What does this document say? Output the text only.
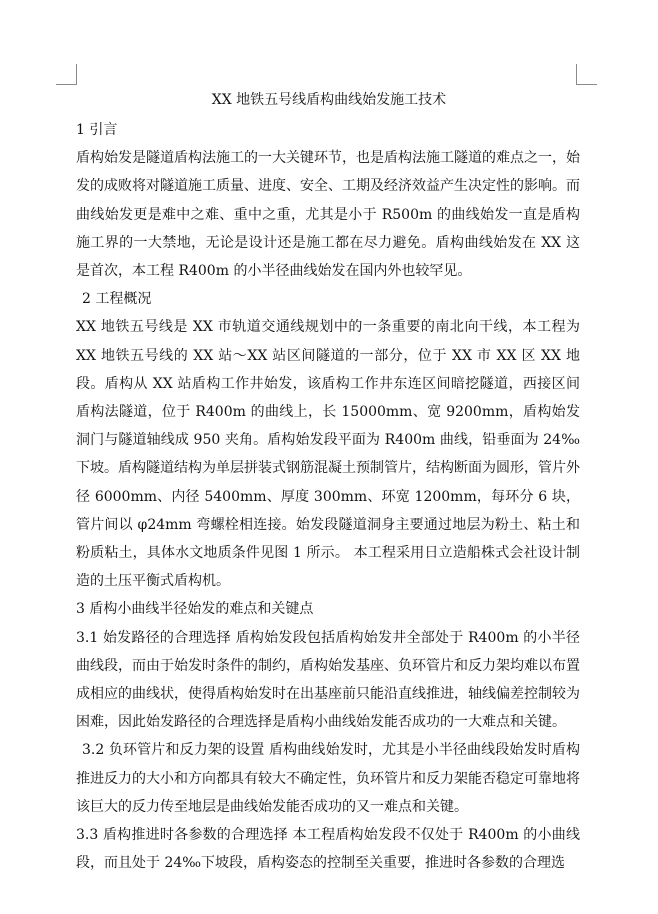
XX 地铁五号线盾构曲线始发施工技术
1 引言

盾构始发是隧道盾构法施工的一大关键环节，也是盾构法施工隧道的难点之一，始发的成败将对隧道施工质量、进度、安全、工期及经济效益产生决定性的影响。而曲线始发更是难中之难、重中之重，尤其是小于 R500m 的曲线始发一直是盾构施工界的一大禁地，无论是设计还是施工都在尽力避免。盾构曲线始发在 XX 这是首次，本工程 R400m 的小半径曲线始发在国内外也较罕见。

2 工程概况

XX 地铁五号线是 XX 市轨道交通线规划中的一条重要的南北向干线，本工程为 XX 地铁五号线的 XX 站～XX 站区间隧道的一部分，位于 XX 市 XX 区 XX 地段。盾构从 XX 站盾构工作井始发，该盾构工作井东连区间暗挖隧道，西接区间盾构法隧道，位于 R400m 的曲线上，长 15000mm、宽 9200mm，盾构始发洞门与隧道轴线成 950 夹角。盾构始发段平面为 R400m 曲线，铅垂面为 24‰下坡。盾构隧道结构为单层拼装式钢筋混凝土预制管片，结构断面为圆形，管片外径 6000mm、内径 5400mm、厚度 300mm、环宽 1200mm，每环分 6 块，管片间以 φ24mm 弯螺栓相连接。始发段隧道洞身主要通过地层为粉土、粘土和粉质粘土，具体水文地质条件见图 1 所示。 本工程采用日立造船株式会社设计制造的土压平衡式盾构机。

3 盾构小曲线半径始发的难点和关键点

3.1 始发路径的合理选择 盾构始发段包括盾构始发井全部处于 R400m 的小半径曲线段，而由于始发时条件的制约，盾构始发基座、负环管片和反力架均难以布置成相应的曲线状，使得盾构始发时在出基座前只能沿直线推进，轴线偏差控制较为困难，因此始发路径的合理选择是盾构小曲线始发能否成功的一大难点和关键。

3.2 负环管片和反力架的设置 盾构曲线始发时，尤其是小半径曲线段始发时盾构推进反力的大小和方向都具有较大不确定性，负环管片和反力架能否稳定可靠地将该巨大的反力传至地层是曲线始发能否成功的又一难点和关键。

3.3 盾构推进时各参数的合理选择 本工程盾构始发段不仅处于 R400m 的小曲线段，而且处于 24‰下坡段，盾构姿态的控制至关重要，推进时各参数的合理选
